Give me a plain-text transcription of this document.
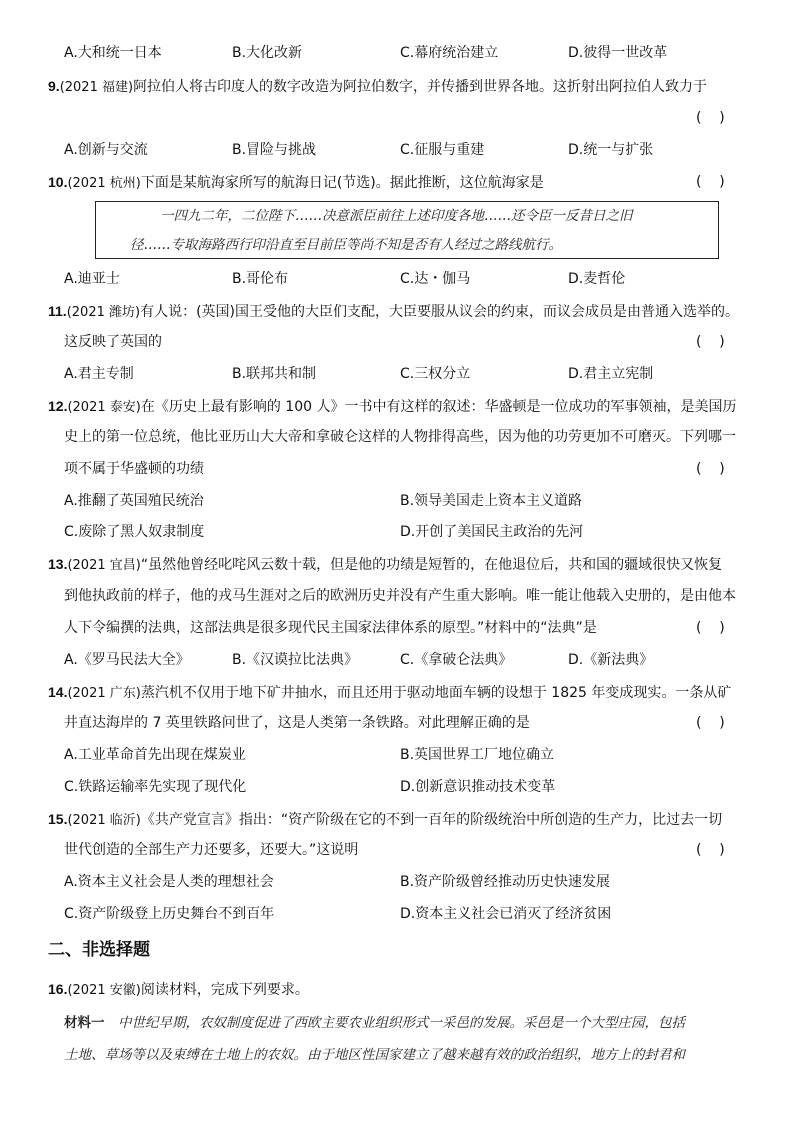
A.大和统一日本	B.大化改新	C.幕府统治建立	D.彼得一世改革
9.(2021 福建)阿拉伯人将古印度人的数字改造为阿拉伯数字，并传播到世界各地。这折射出阿拉伯人致力于
(    )
A.创新与交流	B.冒险与挑战	C.征服与重建	D.统一与扩张
10.(2021 杭州)下面是某航海家所写的航海日记(节选)。据此推断，这位航海家是	(    )
一四九二年，二位陛下……决意派臣前往上述印度各地……还令臣一反昔日之旧
径……专取海路西行印沿直至目前臣等尚不知是否有人经过之路线航行。
A.迪亚士	B.哥伦布	C.达・伽马	D.麦哲伦
11.(2021 潍坊)有人说：(英国)国王受他的大臣们支配，大臣要服从议会的约束，而议会成员是由普通入选举的。
这反映了英国的	(    )
A.君主专制	B.联邦共和制	C.三权分立	D.君主立宪制
12.(2021 泰安)在《历史上最有影响的 100 人》一书中有这样的叙述：华盛顿是一位成功的军事领袖，是美国历
史上的第一位总统，他比亚历山大大帝和拿破仑这样的人物排得高些，因为他的功劳更加不可磨灭。下列哪一
项不属于华盛顿的功绩	(    )
A.推翻了英国殖民统治	B.领导美国走上资本主义道路
C.废除了黑人奴隶制度	D.开创了美国民主政治的先河
13.(2021 宜昌)“虽然他曾经叱咤风云数十载，但是他的功绩是短暂的，在他退位后，共和国的疆域很快又恢复
到他执政前的样子，他的戎马生涯对之后的欧洲历史并没有产生重大影响。唯一能让他载入史册的，是由他本
人下令编撰的法典，这部法典是很多现代民主国家法律体系的原型。”材料中的“法典”是	(    )
A.《罗马民法大全》	B.《汉谟拉比法典》	C.《拿破仑法典》	D.《新法典》
14.(2021 广东)蒸汽机不仅用于地下矿井抽水，而且还用于驱动地面车辆的设想于 1825 年变成现实。一条从矿
井直达海岸的 7 英里铁路问世了，这是人类第一条铁路。对此理解正确的是	(    )
A.工业革命首先出现在煤炭业	B.英国世界工厂地位确立
C.铁路运输率先实现了现代化	D.创新意识推动技术变革
15.(2021 临沂)《共产党宣言》指出：“资产阶级在它的不到一百年的阶级统治中所创造的生产力，比过去一切
世代创造的全部生产力还要多，还要大。”这说明	(    )
A.资本主义社会是人类的理想社会	B.资产阶级曾经推动历史快速发展
C.资产阶级登上历史舞台不到百年	D.资本主义社会已消灭了经济贫困
二、非选择题
16.(2021 安徽)阅读材料，完成下列要求。
材料一  中世纪早期，农奴制度促进了西欧主要农业组织形式一采邑的发展。采邑是一个大型庄园，包括
土地、草场等以及束缚在土地上的农奴。由于地区性国家建立了越来越有效的政治组织，地方上的封君和
